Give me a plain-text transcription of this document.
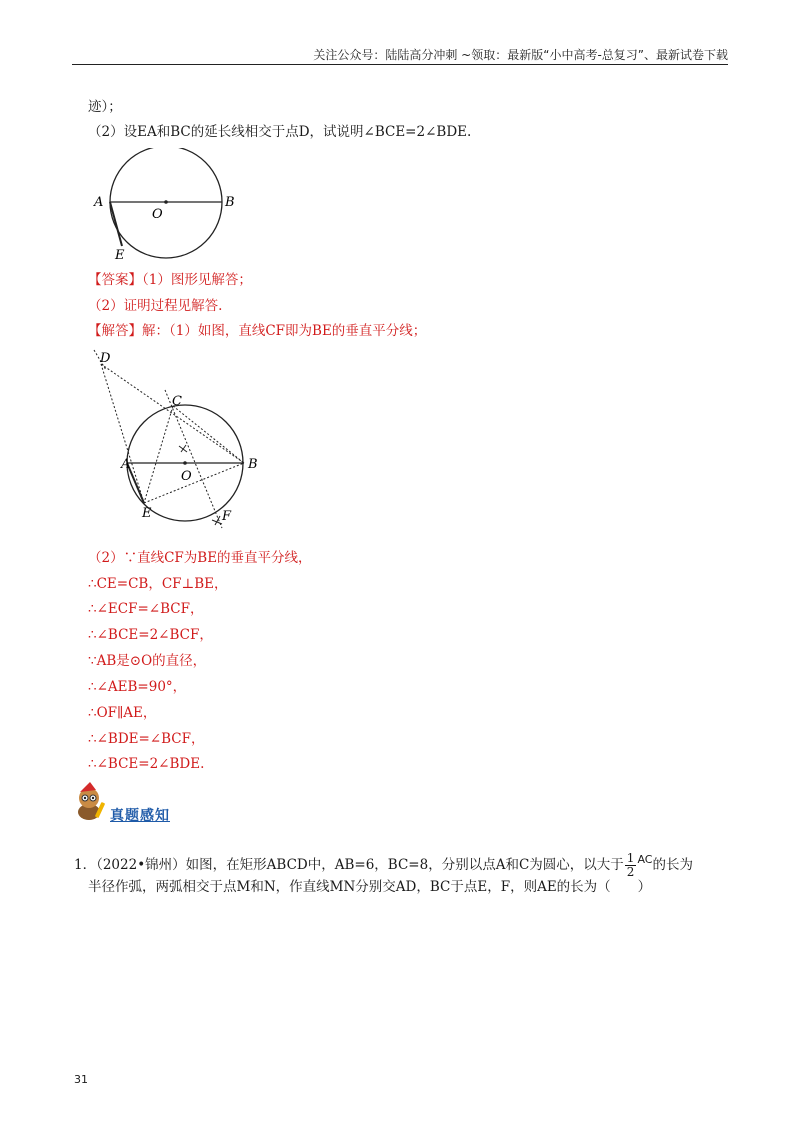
关注公众号：陆陆高分冲刺 ~领取：最新版“小中高考-总复习”、最新试卷下载
迹）；
（2）设EA和BC的延长线相交于点D，试说明∠BCE=2∠BDE.
A
O
B
E
【答案】（1）图形见解答；
（2）证明过程见解答.
【解答】解：（1）如图，直线CF即为BE的垂直平分线；
D
C
A
O
B
E	F
（2）∵直线CF为BE的垂直平分线，
∴CE=CB，CF⊥BE，
∴∠ECF=∠BCF，
∴∠BCE=2∠BCF，
∵AB是⊙O的直径，
∴∠AEB=90°，
∴OF∥AE，
∴∠BDE=∠BCF，
∴∠BCE=2∠BDE.
真题感知
1．（2022•锦州）如图，在矩形ABCD中，AB=6，BC=8，分别以点A和C为圆心，以大于 $\frac{1}{2} ^{AC}$的长为
半径作弧，两弧相交于点M和N，作直线MN分别交AD，BC于点E，F，则AE的长为（　　）
31
